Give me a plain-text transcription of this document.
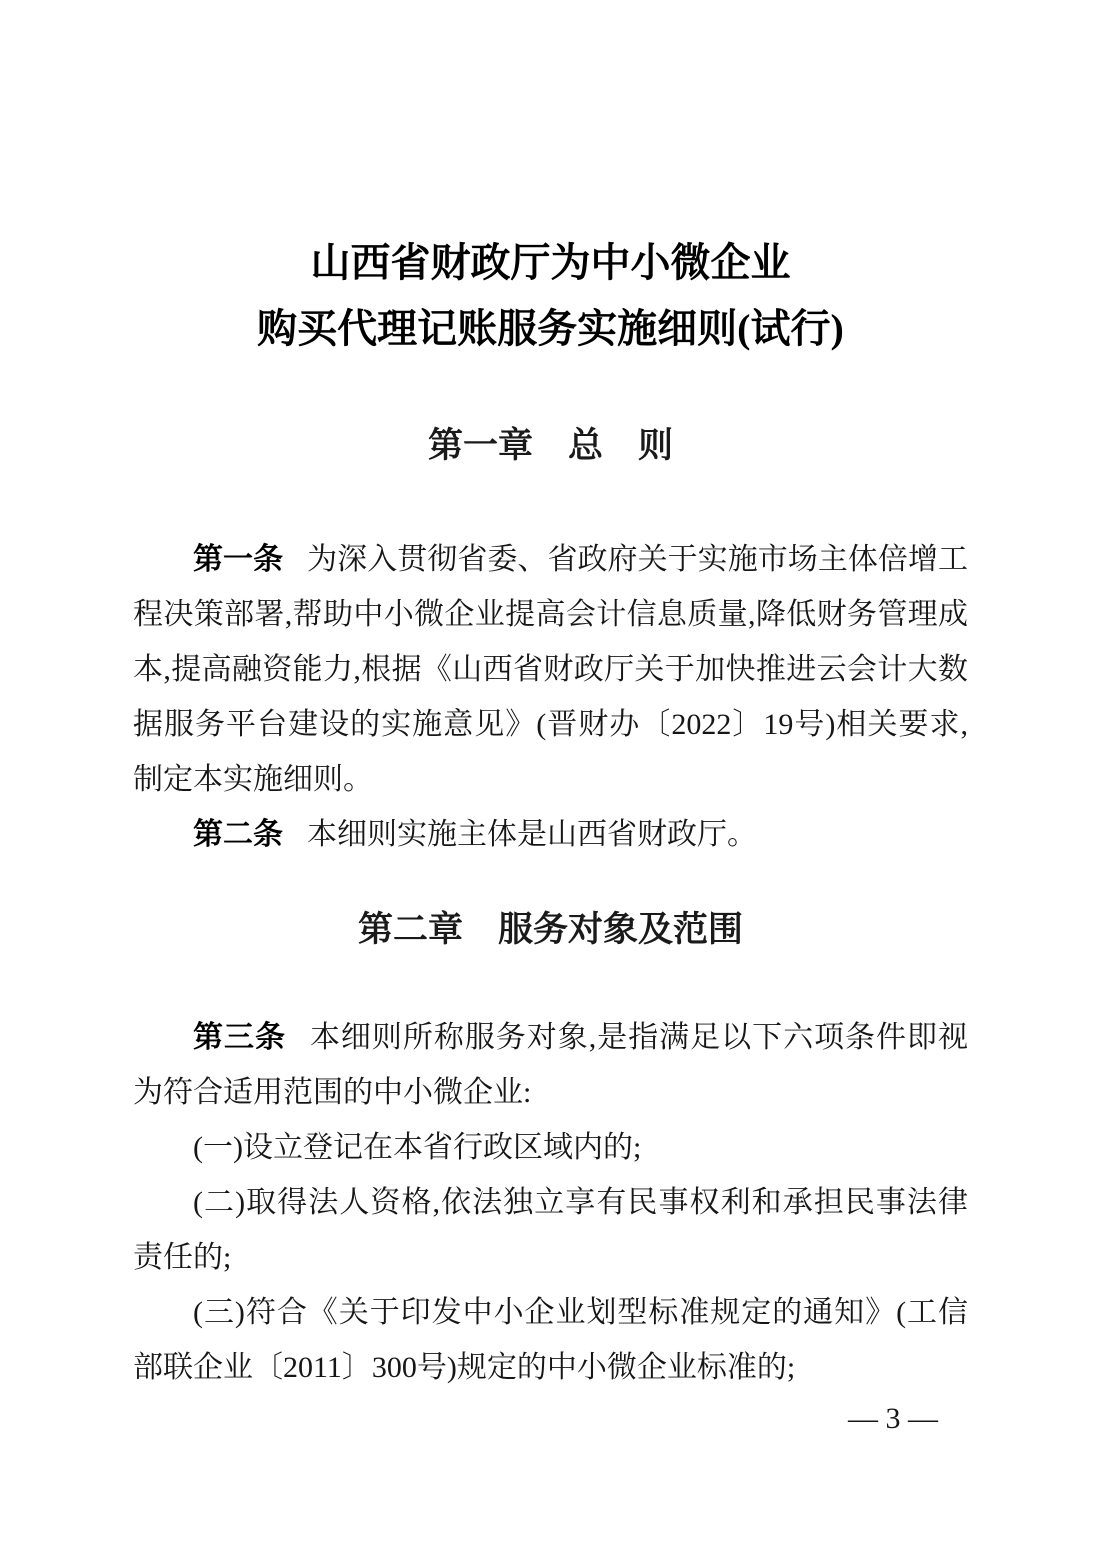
山西省财政厅为中小微企业
购买代理记账服务实施细则(试行)
第一章　总　则

第一条 为深入贯彻省委、省政府关于实施市场主体倍增工程决策部署,帮助中小微企业提高会计信息质量,降低财务管理成本,提高融资能力,根据《山西省财政厅关于加快推进云会计大数据服务平台建设的实施意见》(晋财办〔2022〕19号)相关要求,制定本实施细则。

第二条 本细则实施主体是山西省财政厅。

第二章　服务对象及范围

第三条 本细则所称服务对象,是指满足以下六项条件即视为符合适用范围的中小微企业:

(一)设立登记在本省行政区域内的;

(二)取得法人资格,依法独立享有民事权利和承担民事法律责任的;

(三)符合《关于印发中小企业划型标准规定的通知》(工信部联企业〔2011〕300号)规定的中小微企业标准的;

— 3 —
